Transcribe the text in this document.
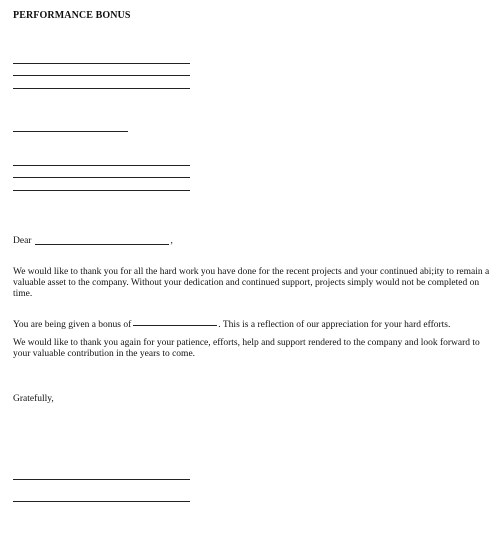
PERFORMANCE BONUS
Dear	,
We would like to thank you for all the hard work you have done for the recent projects and your continued abi;ity to remain a valuable asset to the company. Without your dedication and continued support, projects simply would not be completed on time.
You are being given a bonus of	. This is a reflection of our appreciation for your hard efforts.
We would like to thank you again for your patience, efforts, help and support rendered to the company and look forward to your valuable contribution in the years to come.
Gratefully,
